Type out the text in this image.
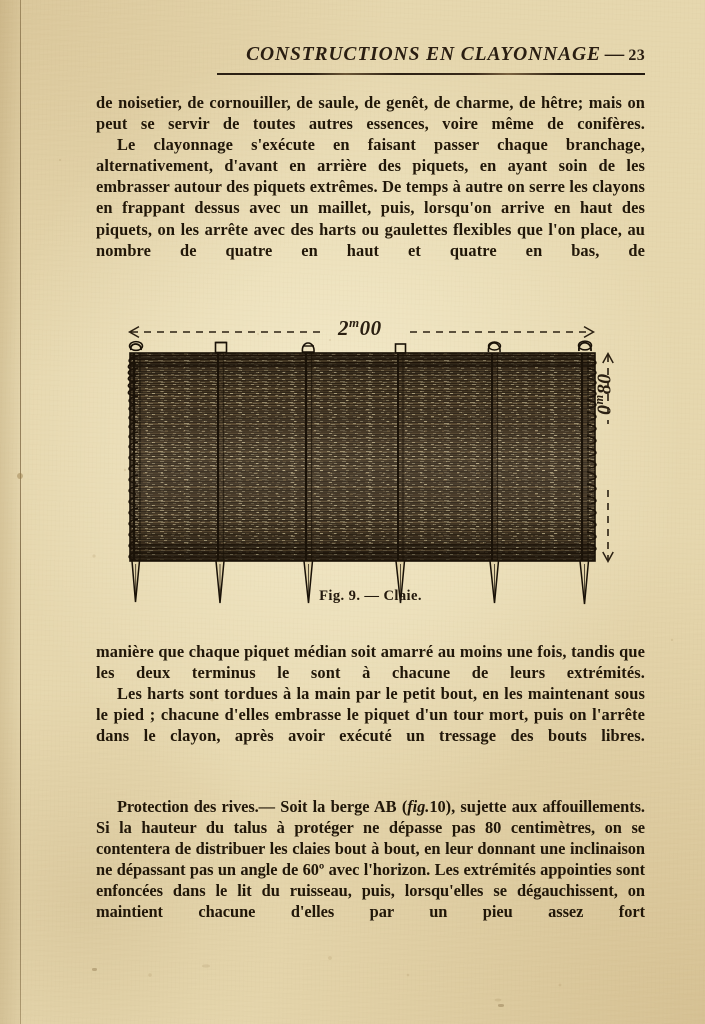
CONSTRUCTIONS EN CLAYONNAGE — 23

de noisetier, de cornouiller, de saule, de genêt, de charme, de hêtre; mais on peut se servir de toutes autres essences, voire même de conifères.

Le clayonnage s'exécute en faisant passer chaque branchage, alternativement, d'avant en arrière des piquets, en ayant soin de les embrasser autour des piquets extrêmes. De temps à autre on serre les clayons en frappant dessus avec un maillet, puis, lorsqu'on arrive en haut des piquets, on les arrête avec des harts ou gaulettes flexibles que l'on place, au nombre de quatre en haut et quatre en bas, de

2$^m$00
0$^m$80
Fig. 9. — Claie.

manière que chaque piquet médian soit amarré au moins une fois, tandis que les deux terminus le sont à chacune de leurs extrémités.

Les harts sont tordues à la main par le petit bout, en les maintenant sous le pied ; chacune d'elles embrasse le piquet d'un tour mort, puis on l'arrête dans le clayon, après avoir exécuté un tressage des bouts libres.

Protection des rives.— Soit la berge AB (fig.10), sujette aux affouillements. Si la hauteur du talus à protéger ne dépasse pas 80 centimètres, on se contentera de distribuer les claies bout à bout, en leur donnant une inclinaison ne dépassant pas un angle de 60º avec l'horizon. Les extrémités appointies sont enfoncées dans le lit du ruisseau, puis, lorsqu'elles se dégauchissent, on maintient chacune d'elles par un pieu assez fort
